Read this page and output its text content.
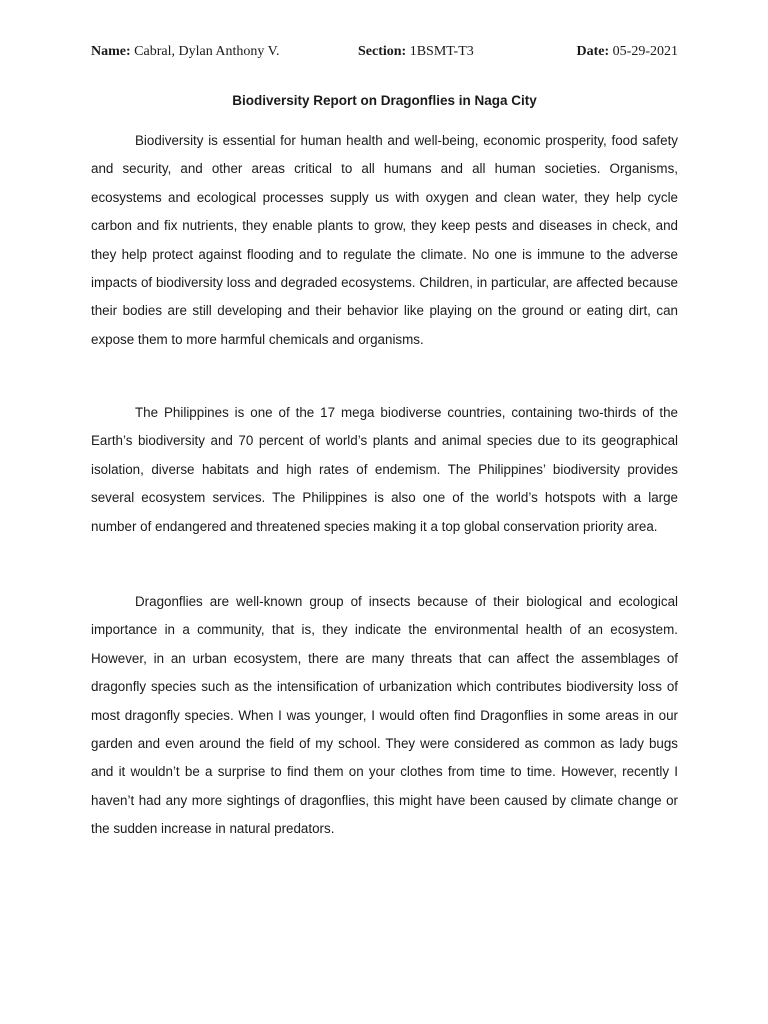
Name: Cabral, Dylan Anthony V.	Section: 1BSMT-T3	Date: 05-29-2021
Biodiversity Report on Dragonflies in Naga City

Biodiversity is essential for human health and well-being, economic prosperity, food safety and security, and other areas critical to all humans and all human societies. Organisms, ecosystems and ecological processes supply us with oxygen and clean water, they help cycle carbon and fix nutrients, they enable plants to grow, they keep pests and diseases in check, and they help protect against flooding and to regulate the climate. No one is immune to the adverse impacts of biodiversity loss and degraded ecosystems. Children, in particular, are affected because their bodies are still developing and their behavior like playing on the ground or eating dirt, can expose them to more harmful chemicals and organisms.

The Philippines is one of the 17 mega biodiverse countries, containing two-thirds of the Earth’s biodiversity and 70 percent of world’s plants and animal species due to its geographical isolation, diverse habitats and high rates of endemism. The Philippines’ biodiversity provides several ecosystem services. The Philippines is also one of the world’s hotspots with a large number of endangered and threatened species making it a top global conservation priority area.

Dragonflies are well-known group of insects because of their biological and ecological importance in a community, that is, they indicate the environmental health of an ecosystem. However, in an urban ecosystem, there are many threats that can affect the assemblages of dragonfly species such as the intensification of urbanization which contributes biodiversity loss of most dragonfly species. When I was younger, I would often find Dragonflies in some areas in our garden and even around the field of my school. They were considered as common as lady bugs and it wouldn’t be a surprise to find them on your clothes from time to time. However, recently I haven’t had any more sightings of dragonflies, this might have been caused by climate change or the sudden increase in natural predators.
